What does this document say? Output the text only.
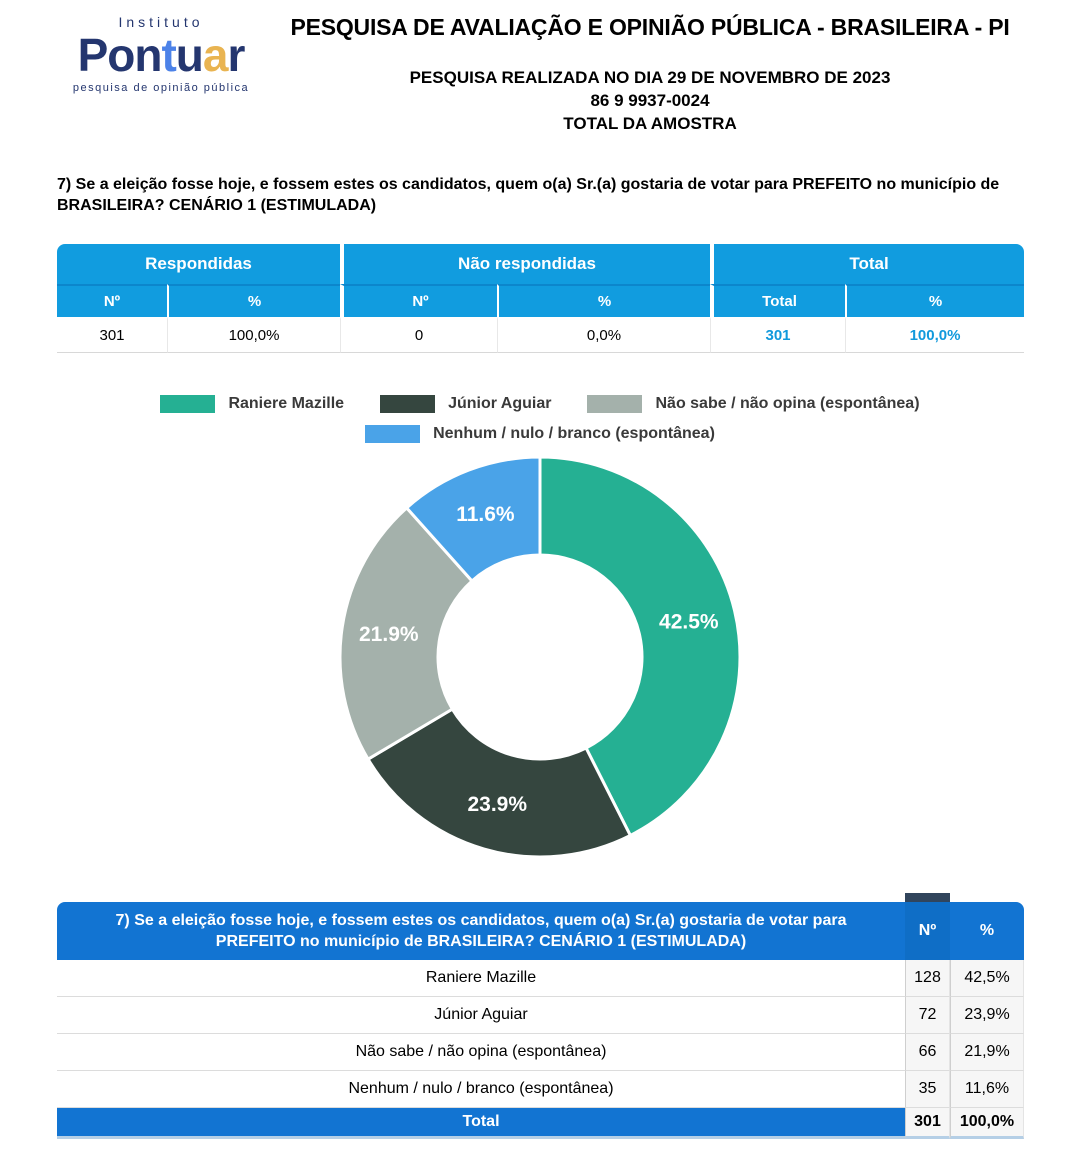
Instituto
Pontuar
pesquisa de opinião pública
PESQUISA DE AVALIAÇÃO E OPINIÃO PÚBLICA - BRASILEIRA - PI
PESQUISA REALIZADA NO DIA 29 DE NOVEMBRO DE 2023
86 9 9937-0024
TOTAL DA AMOSTRA
7) Se a eleição fosse hoje, e fossem estes os candidatos, quem o(a) Sr.(a) gostaria de votar para PREFEITO no município de BRASILEIRA? CENÁRIO 1 (ESTIMULADA)
Respondidas		Não respondidas		Total	
Nº	%	Nº	%	Total	%
301	100,0%	0	0,0%	301	100,0%
Raniere Mazille	Júnior Aguiar	Não sabe / não opina (espontânea)
Nenhum / nulo / branco (espontânea)
42.5%
23.9%
21.9%
11.6%
7) Se a eleição fosse hoje, e fossem estes os candidatos, quem o(a) Sr.(a) gostaria de votar para PREFEITO no município de BRASILEIRA? CENÁRIO 1 (ESTIMULADA)	Nº	%
Raniere Mazille	128	42,5%
Júnior Aguiar	72	23,9%
Não sabe / não opina (espontânea)	66	21,9%
Nenhum / nulo / branco (espontânea)	35	11,6%
Total	301	100,0%
